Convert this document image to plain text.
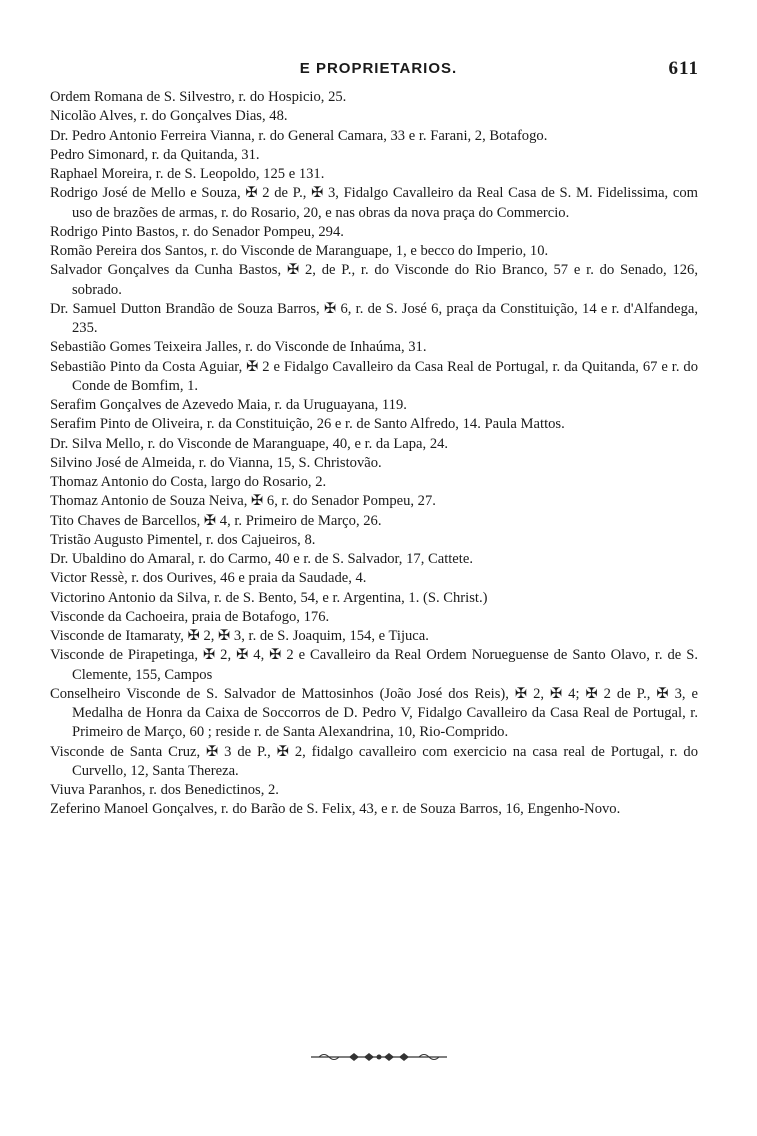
E PROPRIETARIOS.	611

Ordem Romana de S. Silvestro, r. do Hospicio, 25.

Nicolão Alves, r. do Gonçalves Dias, 48.

Dr. Pedro Antonio Ferreira Vianna, r. do General Camara, 33 e r. Farani, 2, Botafogo.

Pedro Simonard, r. da Quitanda, 31.

Raphael Moreira, r. de S. Leopoldo, 125 e 131.

Rodrigo José de Mello e Souza, ✠ 2 de P., ✠ 3, Fidalgo Cavalleiro da Real Casa de S. M. Fidelissima, com uso de brazões de armas, r. do Rosario, 20, e nas obras da nova praça do Commercio.

Rodrigo Pinto Bastos, r. do Senador Pompeu, 294.

Romão Pereira dos Santos, r. do Visconde de Maranguape, 1, e becco do Imperio, 10.

Salvador Gonçalves da Cunha Bastos, ✠ 2, de P., r. do Visconde do Rio Branco, 57 e r. do Senado, 126, sobrado.

Dr. Samuel Dutton Brandão de Souza Barros, ✠ 6, r. de S. José 6, praça da Constituição, 14 e r. d'Alfandega, 235.

Sebastião Gomes Teixeira Jalles, r. do Visconde de Inhaúma, 31.

Sebastião Pinto da Costa Aguiar, ✠ 2 e Fidalgo Cavalleiro da Casa Real de Portugal, r. da Quitanda, 67 e r. do Conde de Bomfim, 1.

Serafim Gonçalves de Azevedo Maia, r. da Uruguayana, 119.

Serafim Pinto de Oliveira, r. da Constituição, 26 e r. de Santo Alfredo, 14. Paula Mattos.

Dr. Silva Mello, r. do Visconde de Maranguape, 40, e r. da Lapa, 24.

Silvino José de Almeida, r. do Vianna, 15, S. Christovão.

Thomaz Antonio do Costa, largo do Rosario, 2.

Thomaz Antonio de Souza Neiva, ✠ 6, r. do Senador Pompeu, 27.

Tito Chaves de Barcellos, ✠ 4, r. Primeiro de Março, 26.

Tristão Augusto Pimentel, r. dos Cajueiros, 8.

Dr. Ubaldino do Amaral, r. do Carmo, 40 e r. de S. Salvador, 17, Cattete.

Victor Ressè, r. dos Ourives, 46 e praia da Saudade, 4.

Victorino Antonio da Silva, r. de S. Bento, 54, e r. Argentina, 1. (S. Christ.)

Visconde da Cachoeira, praia de Botafogo, 176.

Visconde de Itamaraty, ✠ 2, ✠ 3, r. de S. Joaquim, 154, e Tijuca.

Visconde de Pirapetinga, ✠ 2, ✠ 4, ✠ 2 e Cavalleiro da Real Ordem Norueguense de Santo Olavo, r. de S. Clemente, 155, Campos

Conselheiro Visconde de S. Salvador de Mattosinhos (João José dos Reis), ✠ 2, ✠ 4; ✠ 2 de P., ✠ 3, e Medalha de Honra da Caixa de Soccorros de D. Pedro V, Fidalgo Cavalleiro da Casa Real de Portugal, r. Primeiro de Março, 60 ; reside r. de Santa Alexandrina, 10, Rio-Comprido.

Visconde de Santa Cruz, ✠ 3 de P., ✠ 2, fidalgo cavalleiro com exercicio na casa real de Portugal, r. do Curvello, 12, Santa Thereza.

Viuva Paranhos, r. dos Benedictinos, 2.

Zeferino Manoel Gonçalves, r. do Barão de S. Felix, 43, e r. de Souza Barros, 16, Engenho-Novo.
